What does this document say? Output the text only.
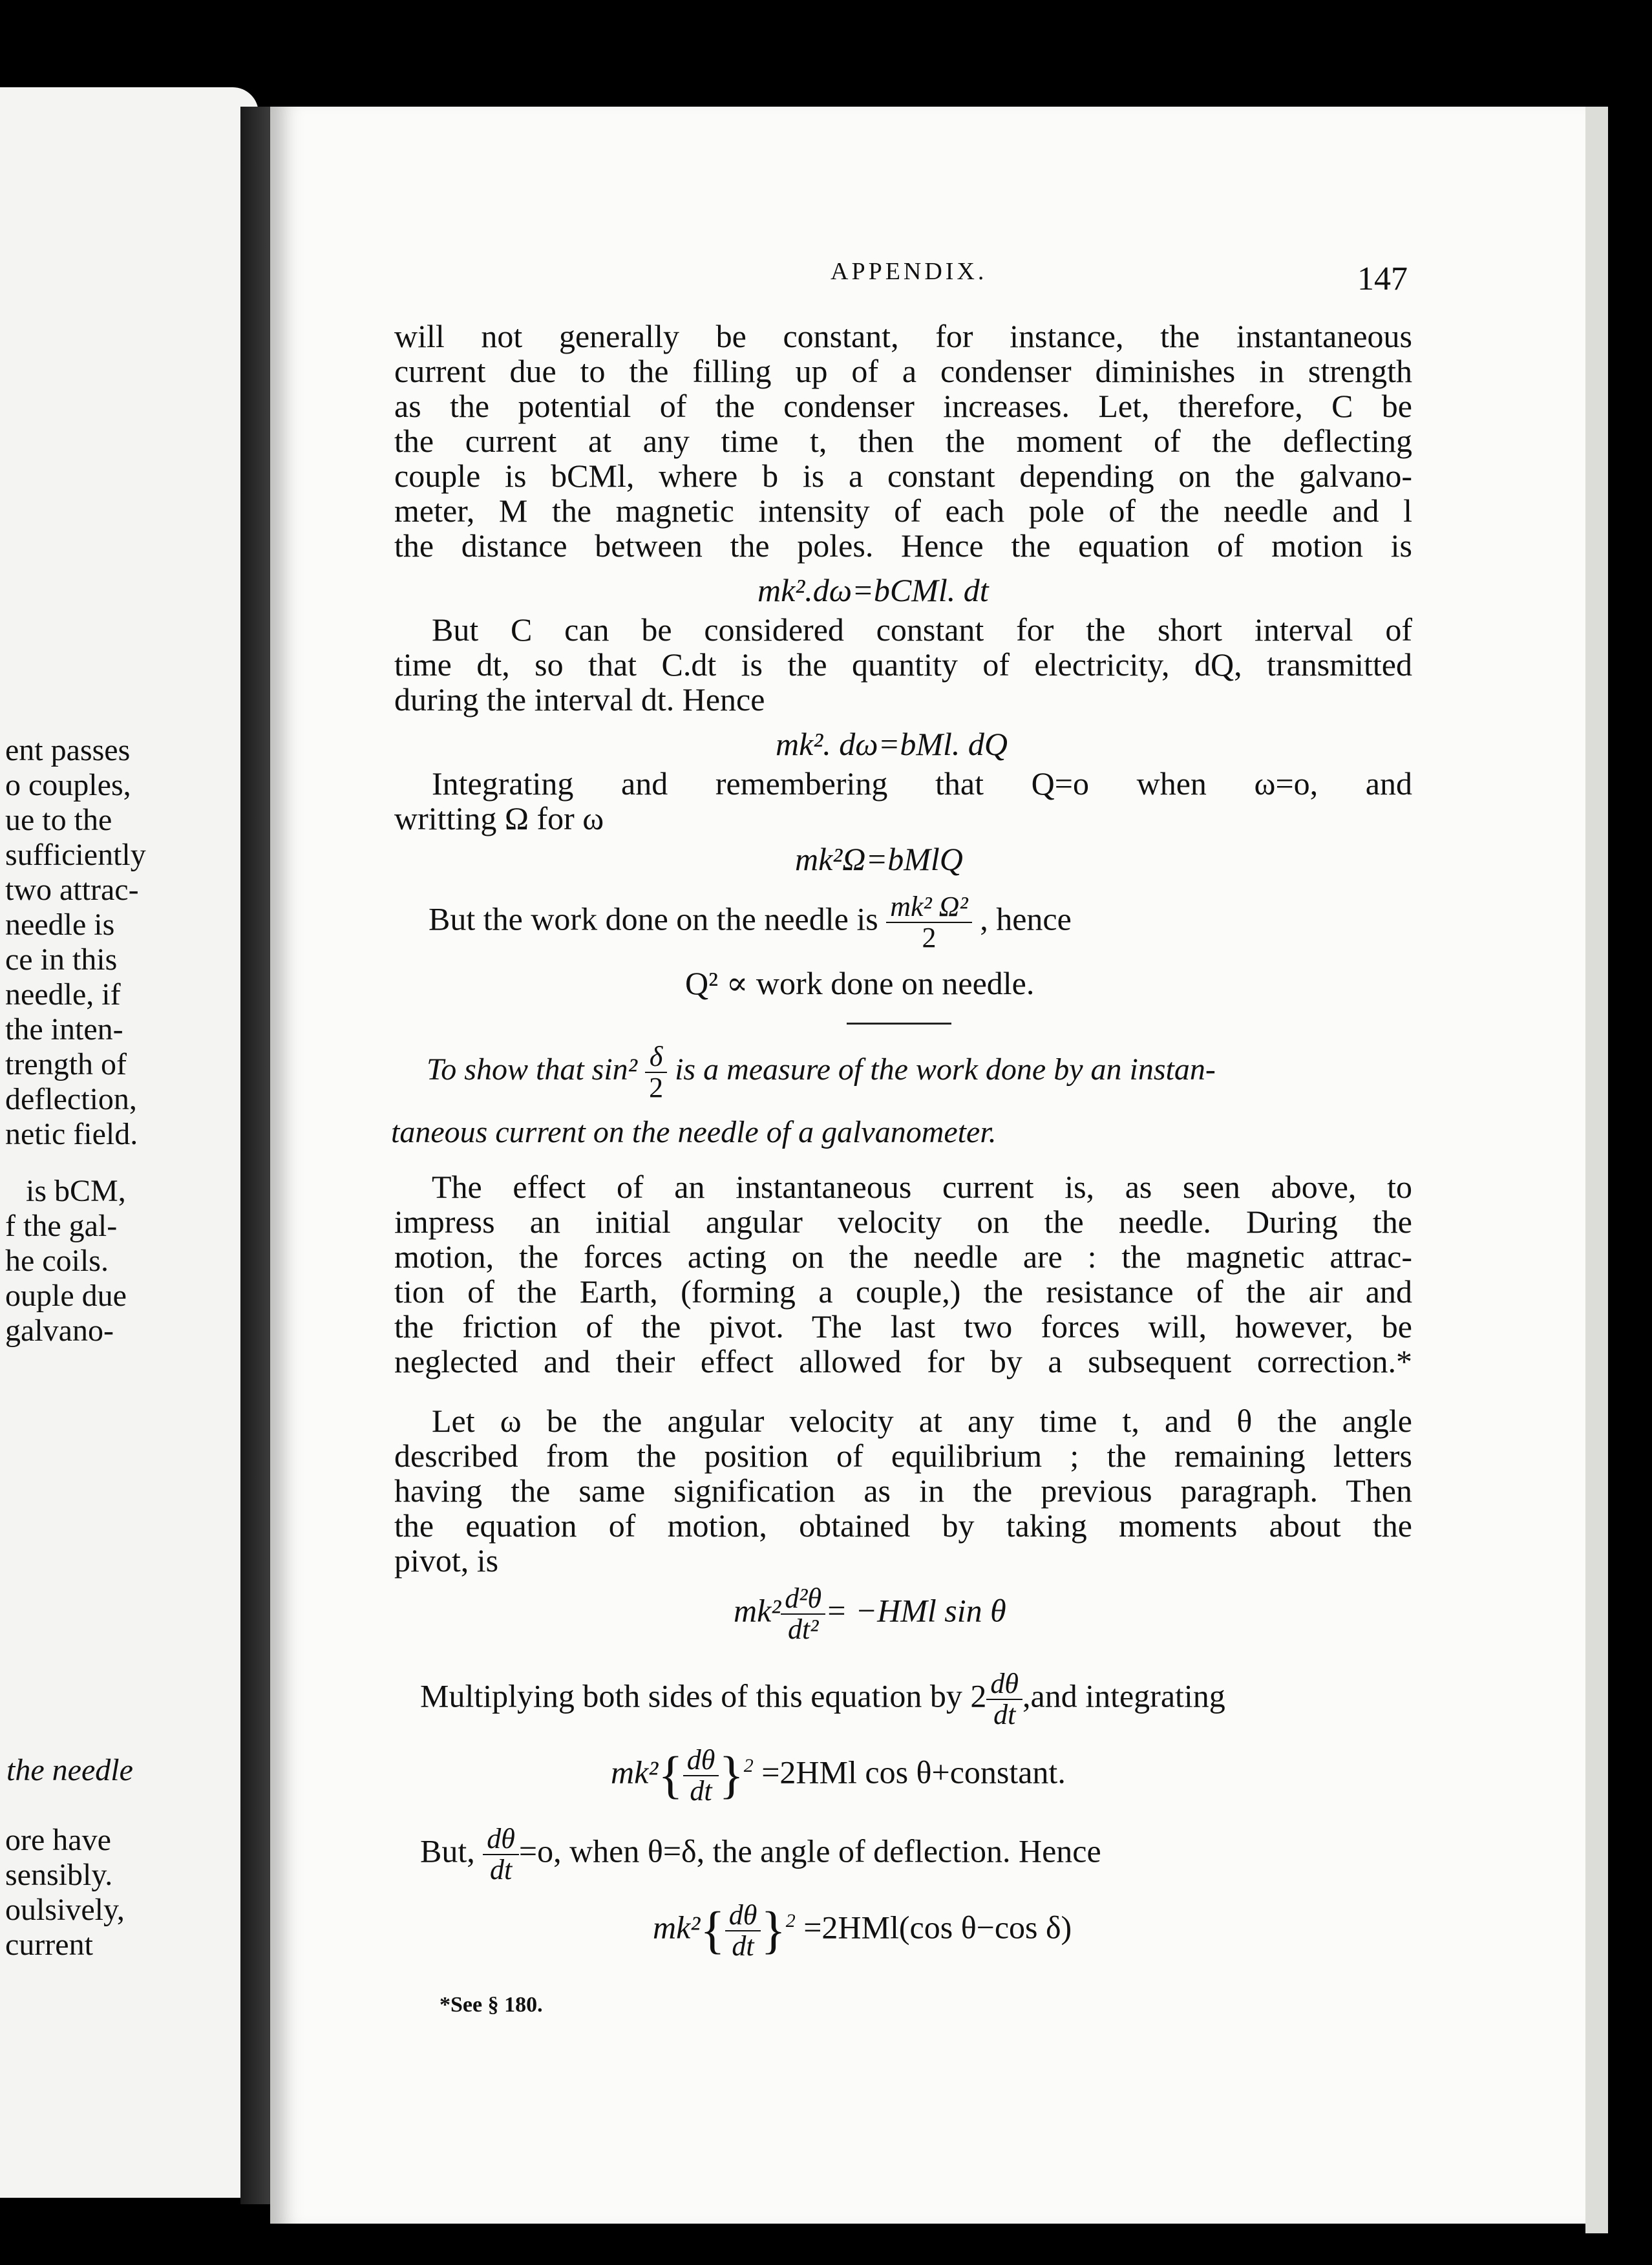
ent passes
o couples,
ue to the
sufficiently
two attrac-
needle is
ce in this
needle, if
the inten-
trength of
deflection,
netic field.
is bCM,
f the gal-
he coils.
ouple due
galvano-
the needle
ore have
sensibly.
oulsively,
current
APPENDIX.	147
will not generally be constant, for instance, the instantaneous
current due to the filling up of a condenser diminishes in strength
as the potential of the condenser increases. Let, therefore, C be
the current at any time t, then the moment of the deflecting
couple is bCMl, where b is a constant depending on the galvano-
meter, M the magnetic intensity of each pole of the needle and l
the distance between the poles. Hence the equation of motion is
mk².dω=bCMl. dt
But C can be considered constant for the short interval of
time dt, so that C.dt is the quantity of electricity, dQ, transmitted
during the interval dt. Hence
mk². dω=bMl. dQ
Integrating and remembering that Q=o when ω=o, and
writting Ω for ω
mk²Ω=bMlQ
But the work done on the needle is $\frac{\text{mk² Ω²}}{2}$ , hence
Q² ∝ work done on needle.
To show that $\sin^2 \frac{\delta}{2}$ is a measure of the work done by an instan-
taneous current on the needle of a galvanometer.
The effect of an instantaneous current is, as seen above, to
impress an initial angular velocity on the needle. During the
motion, the forces acting on the needle are : the magnetic attrac-
tion of the Earth, (forming a couple,) the resistance of the air and
the friction of the pivot. The last two forces will, however, be
neglected and their effect allowed for by a subsequent correction.*
Let ω be the angular velocity at any time t, and θ the angle
described from the position of equilibrium ; the remaining letters
having the same signification as in the previous paragraph. Then
the equation of motion, obtained by taking moments about the
pivot, is
$mk^2 \frac{\text{d²θ}}{\text{dt²}} = -HMl$ sin θ
Multiplying both sides of this equation by $2 \frac{d\theta}{dt} ,and$ integrating
$mk^2\{ \frac{d\theta}{dt} \}^2 =2HMl$ cos θ+constant.
But, $\frac{d\theta}{dt} =o$, when θ=δ, the angle of deflection. Hence
$mk^2\{ \frac{d\theta}{dt} \}^2 =2HMl(\cos$ θ−cos δ)
*See § 180.
